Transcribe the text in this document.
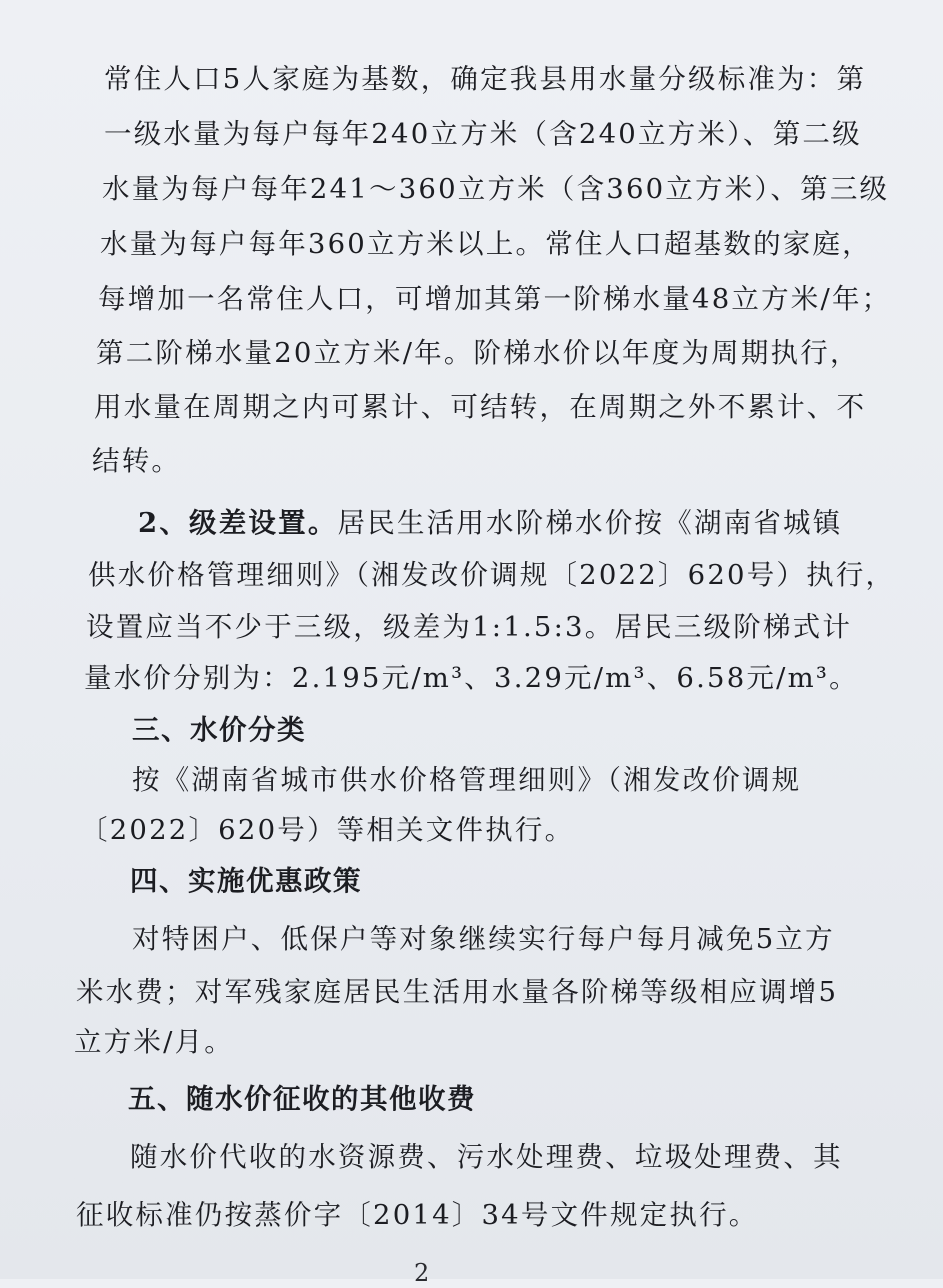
常住人口5人家庭为基数，确定我县用水量分级标准为：第
一级水量为每户每年240立方米（含240立方米）、第二级
水量为每户每年241～360立方米（含360立方米）、第三级
水量为每户每年360立方米以上。常住人口超基数的家庭，
每增加一名常住人口，可增加其第一阶梯水量48立方米/年；
第二阶梯水量20立方米/年。阶梯水价以年度为周期执行，
用水量在周期之内可累计、可结转，在周期之外不累计、不
结转。
2、级差设置。居民生活用水阶梯水价按《湖南省城镇
供水价格管理细则》（湘发改价调规〔2022〕620号）执行，
设置应当不少于三级，级差为1:1.5:3。居民三级阶梯式计
量水价分别为：2.195元/m³、3.29元/m³、6.58元/m³。
三、水价分类
按《湖南省城市供水价格管理细则》（湘发改价调规
〔2022〕620号）等相关文件执行。
四、实施优惠政策
对特困户、低保户等对象继续实行每户每月减免5立方
米水费；对军残家庭居民生活用水量各阶梯等级相应调增5
立方米/月。
五、随水价征收的其他收费
随水价代收的水资源费、污水处理费、垃圾处理费、其
征收标准仍按蒸价字〔2014〕34号文件规定执行。
2
